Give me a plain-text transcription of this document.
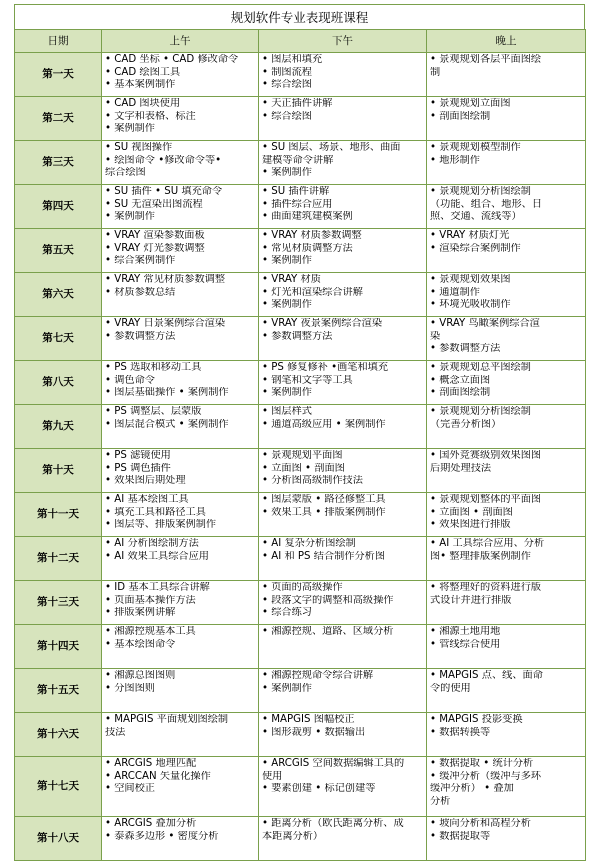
规划软件专业表现班课程
日期	上午	下午	晚上
第一天	• CAD 坐标 • CAD 修改命令
• CAD 绘图工具
• 基本案例制作	• 图层和填充
• 制图流程
• 综合绘图	• 景观规划各层平面图绘
制

第二天	• CAD 图块使用
• 文字和表格、标注
• 案例制作	• 天正插件讲解
• 综合绘图	• 景观规划立面图
• 剖面图绘制

第三天	• SU 视图操作
• 绘图命令 •修改命令等•
综合绘图	• SU 图层、场景、地形、曲面
建模等命令讲解
• 案例制作	• 景观规划模型制作
• 地形制作

第四天	• SU 插件 • SU 填充命令
• SU 无渲染出图流程
• 案例制作	• SU 插件讲解
• 插件综合应用
• 曲面建筑建模案例	• 景观规划分析图绘制
（功能、组合、地形、日
照、交通、流线等）

第五天	• VRAY 渲染参数面板
• VRAY 灯光参数调整
• 综合案例制作	• VRAY 材质参数调整
• 常见材质调整方法
• 案例制作	• VRAY 材质灯光
• 渲染综合案例制作

第六天	• VRAY 常见材质参数调整
• 材质参数总结	• VRAY 材质
• 灯光和渲染综合讲解
• 案例制作	• 景观规划效果图
• 通道制作
• 环境光吸收制作

第七天	• VRAY 日景案例综合渲染
• 参数调整方法	• VRAY 夜景案例综合渲染
• 参数调整方法	• VRAY 鸟瞰案例综合渲
染
• 参数调整方法

第八天	• PS 选取和移动工具
• 调色命令
• 图层基础操作 • 案例制作	• PS 修复修补 •画笔和填充
• 钢笔和文字等工具
• 案例制作	• 景观规划总平图绘制
• 概念立面图
• 剖面图绘制

第九天	• PS 调整层、层蒙版
• 图层混合模式 • 案例制作	• 图层样式
• 通道高级应用 • 案例制作	• 景观规划分析图绘制
（完善分析图）

第十天	• PS 滤镜使用
• PS 调色插件
• 效果图后期处理	• 景观规划平面图
• 立面图 • 剖面图
• 分析图高级制作技法	• 国外竞赛级别效果图图
后期处理技法

第十一天	• AI 基本绘图工具
• 填充工具和路径工具
• 图层等、排版案例制作	• 图层蒙版 • 路径修整工具
• 效果工具 • 排版案例制作	• 景观规划整体的平面图
• 立面图 • 剖面图
• 效果图进行排版

第十二天	• AI 分析图绘制方法
• AI 效果工具综合应用	• AI 复杂分析图绘制
• AI 和 PS 结合制作分析图	• AI 工具综合应用、分析
图• 整理排版案例制作

第十三天	• ID 基本工具综合讲解
• 页面基本操作方法
• 排版案例讲解	• 页面的高级操作
• 段落文字的调整和高级操作
• 综合练习	• 将整理好的资料进行版
式设计并进行排版

第十四天	• 湘源控规基本工具
• 基本绘图命令	• 湘源控规、道路、区域分析	• 湘源土地用地
• 管线综合使用

第十五天	• 湘源总图图则
• 分图图则	• 湘源控规命令综合讲解
• 案例制作	• MAPGIS 点、线、面命
令的使用

第十六天	• MAPGIS 平面规划图绘制
技法	• MAPGIS 图幅校正
• 图形裁剪 • 数据输出	• MAPGIS 投影变换
• 数据转换等

第十七天	• ARCGIS 地理匹配
• ARCCAN 矢量化操作
• 空间校正	• ARCGIS 空间数据编辑工具的
使用
• 要素创建 • 标记创建等	• 数据提取 • 统计分析
• 缓冲分析（缓冲与多环
缓冲分析） • 叠加
分析

第十八天	• ARCGIS 叠加分析
• 泰森多边形 • 密度分析	• 距离分析（欧氏距离分析、成
本距离分析）	• 坡向分析和高程分析
• 数据提取等
